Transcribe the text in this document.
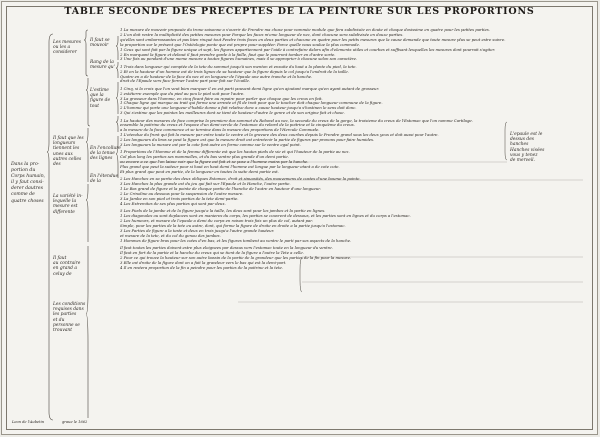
TABLE SECONDE DES PRECEPTES DE LA PEINTURE SUR LES PROPORTIONS
Dans la pro-
portion du
Corps humain,
il y faut consi-
derer dautres
comme de
quatre choses
Les mesures
ou les a
considerer
Il faut que les
longueurs
tiennent les
unes aux
autres celles
des
La variété in-
lequelle la
mesure est
differente
Il faut
au contraire
en grand a
celuy de
Les conditions
requises dans
les parties
et du
personne se
trouvant
Il faut se
mouvoir
Rang de la
mesure qu'
L'estime
que la
figure de
tout
En l'encollure
de la tenue
des lignes
En l'étendue
de la
L'epaule est le
dessus des
hanches
Hanches visées
vous y tenez
de merveil.
1 La mesure de mouvoir proposée du trone saisonne a s'ouvrir de Prendre ma chose pour nommée module que fera subdivisée en doute et chaque doxissime en quatre pour les petites parties.
2 L'on doit restre la multiplicité des petites mesures pour Parque les faces m'eme longueur de nez, dont chacune sera subdivisée en douze parties.
qu'elles sont embarrassantes et pas bien rinqué tout Pendre trois faces en deux parties et chacune en quatre pour les petits mesures que la cause demande que toute mesure plus se peut estre suivre.
la proportion sur le présent que l'Ostéologie ponte que est propre pour suppléer. Parce quelle nous soulue la plus commode.
1 Ceux qui sont fait par la figure unique et sept, les figures appartiennent par l'aide à contrefaire dalors afin d'elements utiles et courbes et suffisant lesquelles les mesures dont pourrait s'agiter.
2 En marquant la figure et debout il faut prendre garde à la faille, faut que le pourront tomber en d'antre sorte.
3 Une fois au pendant d'une meme mesure a toutes figures humaines, mais il se approprier à chacune selon son caractère.
1 Trois dans longueur qui comptée de la tete du sommet jusqu'à son menton et ensuite du haut a la plante du pied, la tete.
2 Et en la hauteur d'un homme est de trois lignes de sa hauteur que la figure depuis le col jusqu'a l'endroit de la taille.
Quatre en a de hauteur de la face du nez et en longueur de l'épaule une autre tranche et la hanche.
droit de l'Epaule vers face fermer l'autre part pour fait sur l'écaille.
1 Cinq, si la croix que l'on veut bien marquer il en est parti pouvant demi ligne qu'en ajoutant marque qu'en ayant autant de grosseur.
2 extéterre exemple que du pied au peu le pied suit pour l'autre.
3 La grosseur dans l'homme, en cinq ficant faire au repaire pour parler que chaque que les creux en fait.
1 Chaque ligne qui marque au trait qui forme une arreste et fil de trait pour que le toucher doit chaque longueur commune de la figure.
2 L'homme qui porte une longueur d'habile donne a fait relative donc a cause hauteur jusqu'a s'hostinen le sens doit donc.
3 Qui s'estime que les pointes les meilleures dont se tient de hauteur d'autre le genre et de son origine fait et chose.
1 La hauteur des mesures de face comprise la premiere dos sommet du Rebond au nez, la seconde du creux de la gorge, la troisieme du creux de l'Estomac que l'on nomme Cartilage.
ensemble la poitrine du creux et l'espace d'un demi-cercle de l'estomac du rebord de la poitrine et la cinquième du creux.
a la mesure de la face commence et se termine dans la mesure des proportions de l'Hercule Commode.
1 L'etendue du front qui fait la mesure par entre toute le centre et la gravure des deux courbes depuis le Prendre grand sous les deux yeux et doit aussi pour l'autre.
2 Les longueurs du bras se peut la figure est que la mesure droit est entretenir la partie de figures par pronons pour faire humides.
3 Les longueurs la mesure est par la cote font autre en forme comme sur le ventre egal point.
1 Proportions de l'Homme et de la femme differente est que les hautes pieds de vie et qui l'hauteur de la partie au nez.
Col plus long les parties ses mammelles, et du bas ventre plus grande d'un demi partie.
ou encore a ce que l'on laisse voir que la figure est fait et se pose a l'homme moins par la hanche.
Plus grand que peut la suiteur pour si haut en haut demi l'homme est longue par la longueur etant a de cote cote.
Et plus grand que peut en partie, de la longueur en toutes la suite demi partie est.
2 Les Hanches en sa partie des deux obliques Estomac, droit et sinuosités, des mouvemens de costes d'une bourse la pointe.
3 Les Hanches la plus grande est du jeu qui fait sur l'Épaule et la Hanche, l'autre partie.
1 Le Bas grand de figure et la pointe de chaque partie de l'hanche de l'autre en hauteur d'une longueur.
2 Le Crinoline au dessous pour la suspension de l'autre mesure.
3 La Jambe en son pied et trois parties de la tete demi-partie.
4 Les Extremites de ses plus parties qui sont par deux.
5 Les Pieds de la jambe et de la figure jusqu'a la taille, les deux sont pour les jambes et la partie en lignes.
1 Les diagonales ou sont deplacees sont en manieres du corps, les parties se couvrent de dessous, et les parties sont en lignes et du corps a l'estomac.
2 Les humeurs, et mesure de l'epaule a demi du corps en raison trois fois un plus de col, autant par.
Simple, pour les parties de la tete eu autre, dont, qui forme la figure de droite en droite a la partie jusqu'a l'estomac.
3 Les Parties de figure a la teste et deux en trois jusqu'a l'autre grande hauteur.
et mesure de la tete, et du col du genou des jambes.
1 Hommes de figure bras pour les cotes d'en bas, et les figures tombent au ventre le parti par ses aspects de la hanche.
Il faut toutes les parties doivent estre plus eloignees par dessus vers l'estomac toute en la longueur du ventre.
Il faut en fort de la partie et la hanche du creux qui se tient de la figure a l'autre la Tete a celle.
2 Pour ce qui trouve la hauteur sur son autre bassin de la partie de la grandeur que les parties de la fin pour la mesure.
3 Elle est droite de la figure dont on a fait la grandeur vers le bas qui est la demi-part.
4 Il en restera proportion de la fin a peindre pour les parties de la poitrine et la tete.
Leon de l'Aubetin	graue le 1662
